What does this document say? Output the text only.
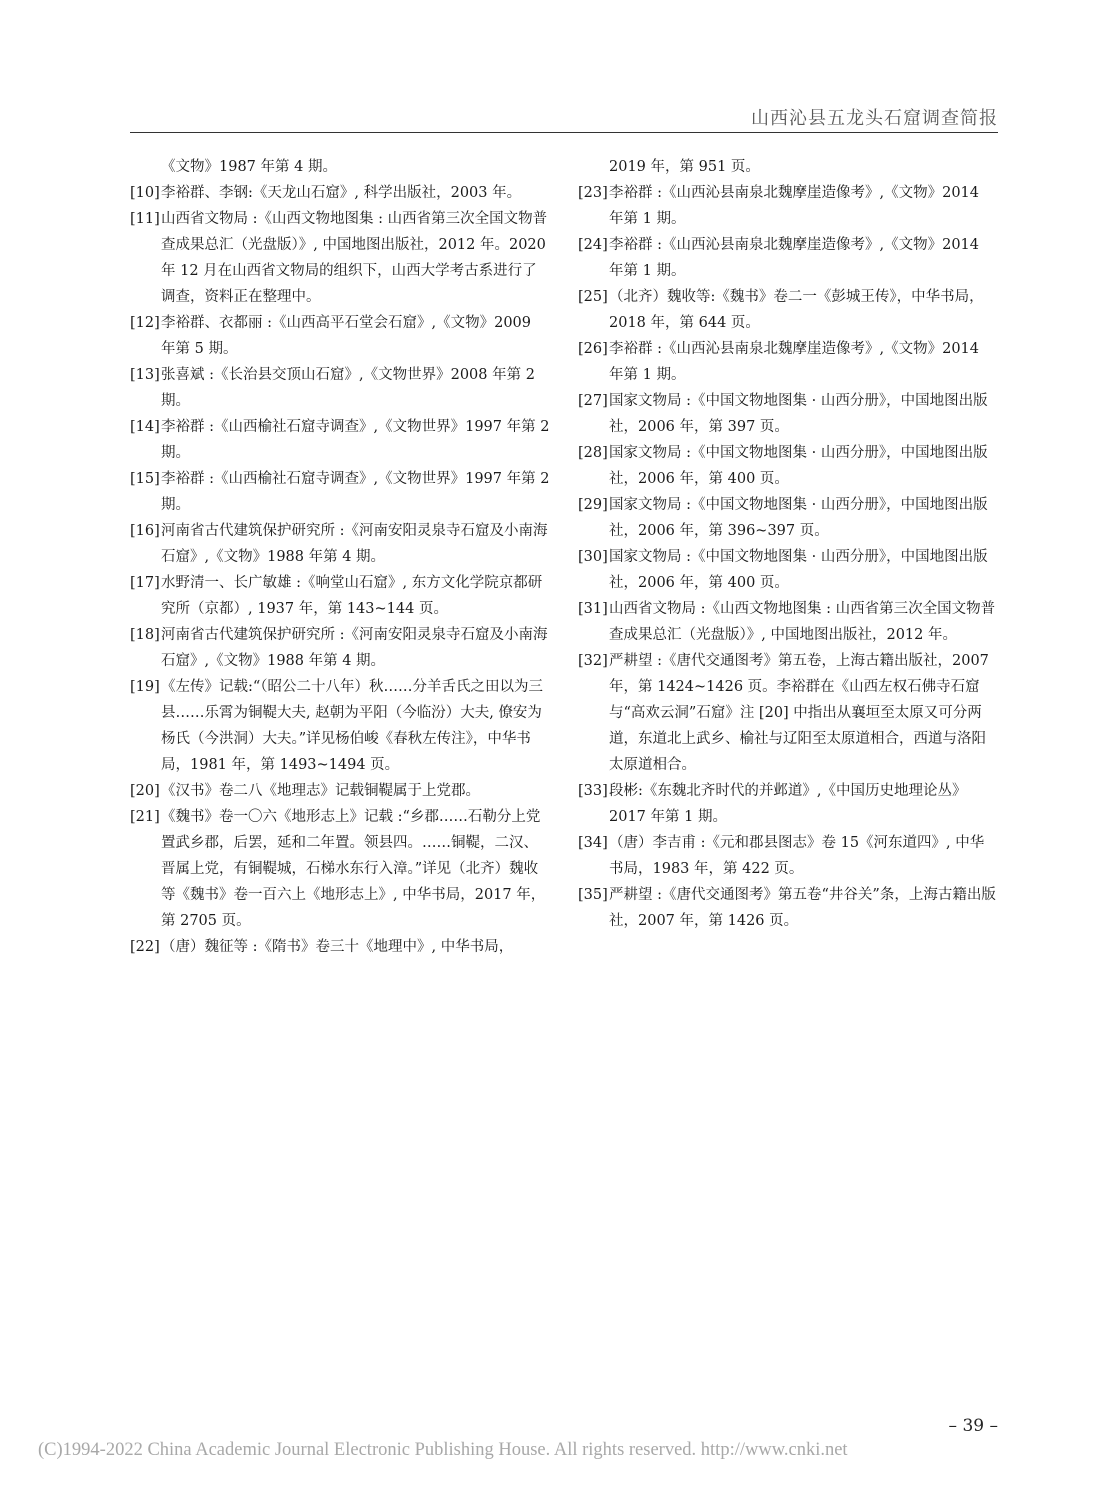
山西沁县五龙头石窟调查简报
《文物》1987 年第 4 期。
[10]李裕群、李钢:《天龙山石窟》, 科学出版社，2003 年。
[11]山西省文物局 :《山西文物地图集 : 山西省第三次全国文物普查成果总汇（光盘版）》, 中国地图出版社，2012 年。2020 年 12 月在山西省文物局的组织下，山西大学考古系进行了调查，资料正在整理中。
[12]李裕群、衣都丽 :《山西高平石堂会石窟》,《文物》2009 年第 5 期。
[13]张喜斌 :《长治县交顶山石窟》,《文物世界》2008 年第 2 期。
[14]李裕群 :《山西榆社石窟寺调查》,《文物世界》1997 年第 2 期。
[15]李裕群 :《山西榆社石窟寺调查》,《文物世界》1997 年第 2 期。
[16]河南省古代建筑保护研究所 :《河南安阳灵泉寺石窟及小南海石窟》,《文物》1988 年第 4 期。
[17]水野清一、长广敏雄 :《响堂山石窟》, 东方文化学院京都研究所（京都）, 1937 年，第 143~144 页。
[18]河南省古代建筑保护研究所 :《河南安阳灵泉寺石窟及小南海石窟》,《文物》1988 年第 4 期。
[19]《左传》记载:“（昭公二十八年）秋……分羊舌氏之田以为三县……乐霄为铜鞮大夫, 赵朝为平阳（今临汾）大夫, 僚安为杨氏（今洪洞）大夫。”详见杨伯峻《春秋左传注》，中华书局，1981 年，第 1493~1494 页。
[20]《汉书》卷二八《地理志》记载铜鞮属于上党郡。
[21]《魏书》卷一〇六《地形志上》记载 :“乡郡……石勒分上党置武乡郡，后罢，延和二年置。领县四。……铜鞮，二汉、晋属上党，有铜鞮城，石梯水东行入漳。”详见（北齐）魏收 等《魏书》卷一百六上《地形志上》, 中华书局，2017 年，第 2705 页。
[22]（唐）魏征等 :《隋书》卷三十《地理中》, 中华书局，
2019 年，第 951 页。
[23]李裕群 :《山西沁县南泉北魏摩崖造像考》,《文物》2014 年第 1 期。
[24]李裕群 :《山西沁县南泉北魏摩崖造像考》,《文物》2014 年第 1 期。
[25]（北齐）魏收等:《魏书》卷二一《彭城王传》，中华书局，2018 年，第 644 页。
[26]李裕群 :《山西沁县南泉北魏摩崖造像考》,《文物》2014 年第 1 期。
[27]国家文物局 :《中国文物地图集 · 山西分册》，中国地图出版社，2006 年，第 397 页。
[28]国家文物局 :《中国文物地图集 · 山西分册》，中国地图出版社，2006 年，第 400 页。
[29]国家文物局 :《中国文物地图集 · 山西分册》，中国地图出版社，2006 年，第 396~397 页。
[30]国家文物局 :《中国文物地图集 · 山西分册》，中国地图出版社，2006 年，第 400 页。
[31]山西省文物局 :《山西文物地图集 : 山西省第三次全国文物普查成果总汇（光盘版）》, 中国地图出版社，2012 年。
[32]严耕望 :《唐代交通图考》第五卷，上海古籍出版社，2007 年，第 1424~1426 页。李裕群在《山西左权石佛寺石窟与“高欢云洞”石窟》注 [20] 中指出从襄垣至太原又可分两道，东道北上武乡、榆社与辽阳至太原道相合，西道与洛阳太原道相合。
[33]段彬:《东魏北齐时代的并邺道》,《中国历史地理论丛》2017 年第 1 期。
[34]（唐）李吉甫 :《元和郡县图志》卷 15《河东道四》, 中华书局，1983 年，第 422 页。
[35]严耕望 :《唐代交通图考》第五卷“井谷关”条，上海古籍出版社，2007 年，第 1426 页。
– 39 –
(C)1994-2022 China Academic Journal Electronic Publishing House. All rights reserved. http://www.cnki.net
